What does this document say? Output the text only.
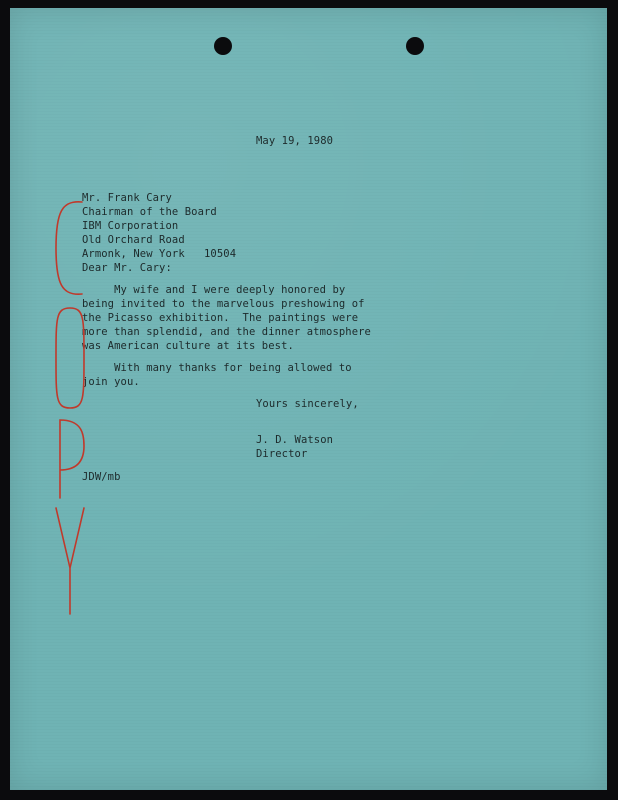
May 19, 1980
Mr. Frank Cary
Chairman of the Board
IBM Corporation
Old Orchard Road
Armonk, New York   10504
Dear Mr. Cary:
My wife and I were deeply honored by
being invited to the marvelous preshowing of
the Picasso exhibition.  The paintings were
more than splendid, and the dinner atmosphere
was American culture at its best.
With many thanks for being allowed to
join you.
Yours sincerely,
J. D. Watson
Director
JDW/mb
